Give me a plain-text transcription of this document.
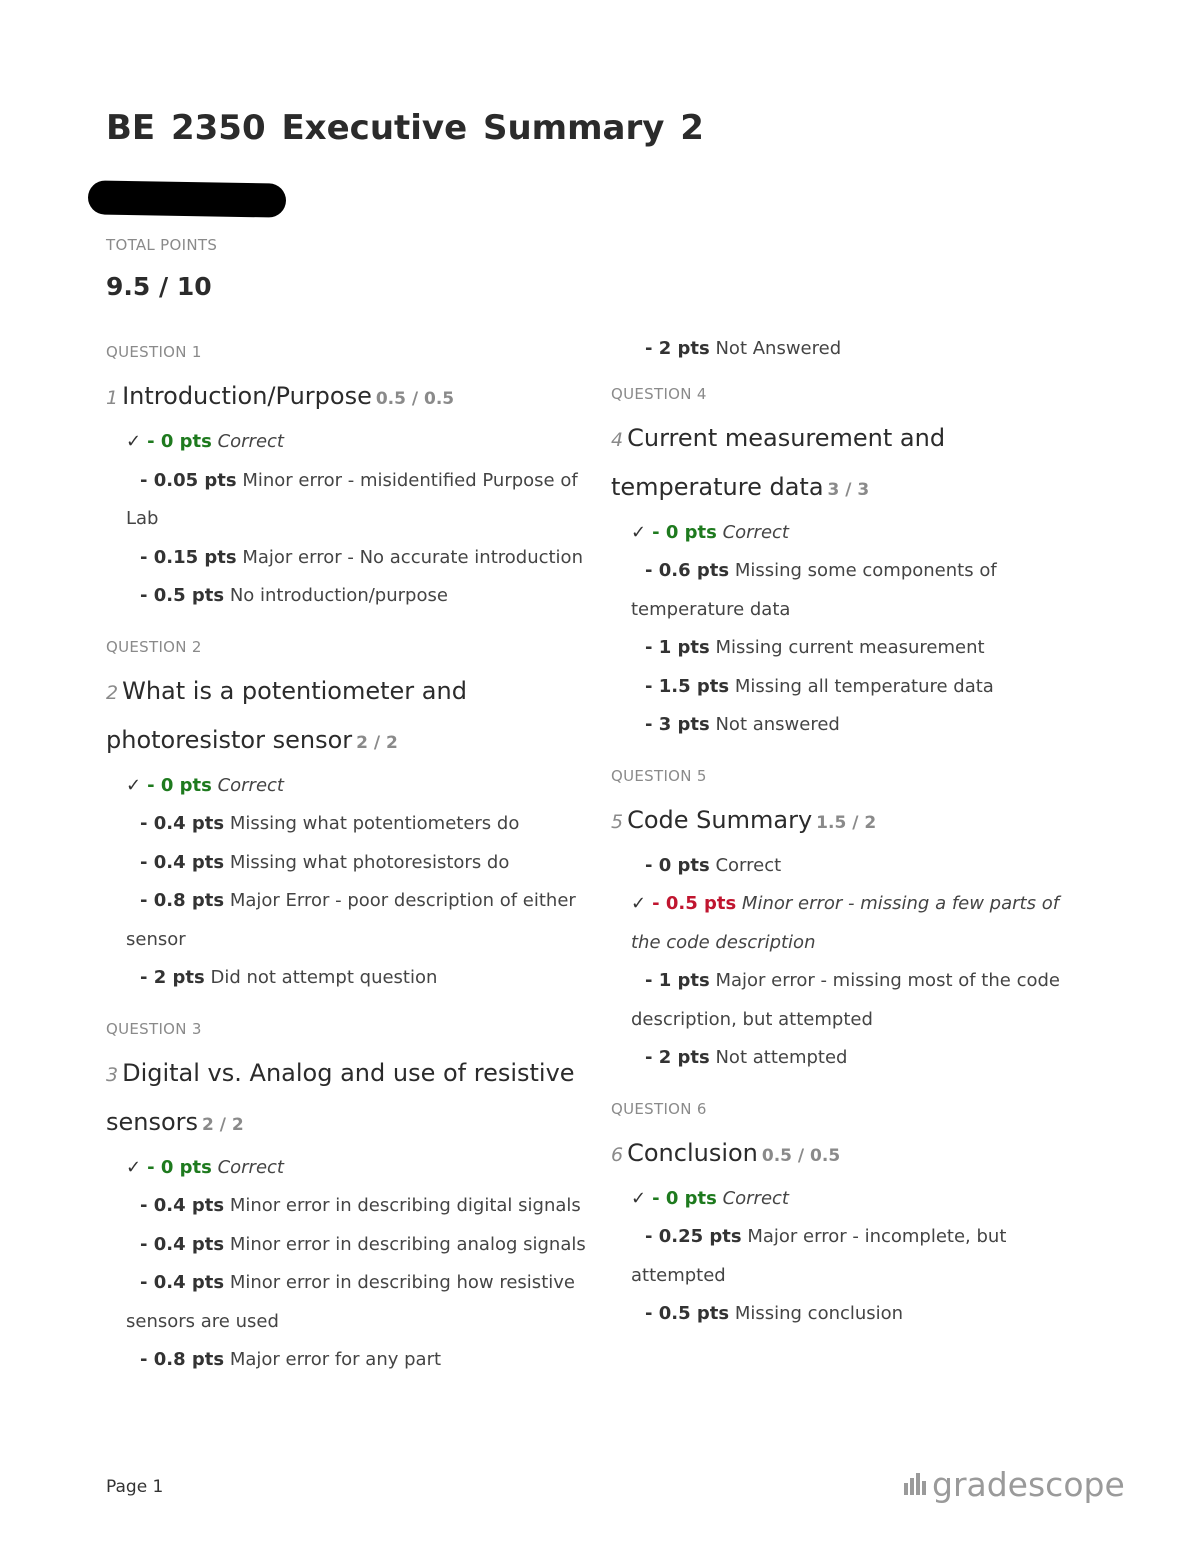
BE 2350 Executive Summary 2
TOTAL POINTS
9.5 / 10
QUESTION 1
1 Introduction/Purpose 0.5 / 0.5

✓ - 0 pts Correct

- 0.05 pts Minor error - misidentified Purpose of Lab

- 0.15 pts Major error - No accurate introduction

- 0.5 pts No introduction/purpose

QUESTION 2
2 What is a potentiometer and photoresistor sensor 2 / 2

✓ - 0 pts Correct

- 0.4 pts Missing what potentiometers do

- 0.4 pts Missing what photoresistors do

- 0.8 pts Major Error - poor description of either sensor

- 2 pts Did not attempt question

QUESTION 3
3 Digital vs. Analog and use of resistive sensors 2 / 2

✓ - 0 pts Correct

- 0.4 pts Minor error in describing digital signals

- 0.4 pts Minor error in describing analog signals

- 0.4 pts Minor error in describing how resistive sensors are used

- 0.8 pts Major error for any part

- 2 pts Not Answered

QUESTION 4
4 Current measurement and temperature data 3 / 3

✓ - 0 pts Correct

- 0.6 pts Missing some components of temperature data

- 1 pts Missing current measurement

- 1.5 pts Missing all temperature data

- 3 pts Not answered

QUESTION 5
5 Code Summary 1.5 / 2

- 0 pts Correct

✓ - 0.5 pts Minor error - missing a few parts of the code description

- 1 pts Major error - missing most of the code description, but attempted

- 2 pts Not attempted

QUESTION 6
6 Conclusion 0.5 / 0.5

✓ - 0 pts Correct

- 0.25 pts Major error - incomplete, but attempted

- 0.5 pts Missing conclusion

Page 1	gradescope
